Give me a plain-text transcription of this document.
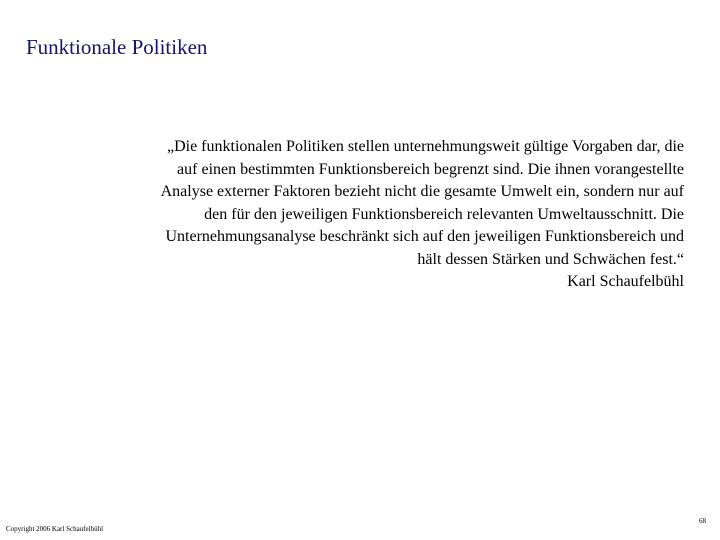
Funktionale Politiken
„Die funktionalen Politiken stellen unternehmungsweit gültige Vorgaben dar, die
auf einen bestimmten Funktionsbereich begrenzt sind. Die ihnen vorangestellte
Analyse externer Faktoren bezieht nicht die gesamte Umwelt ein, sondern nur auf
den für den jeweiligen Funktionsbereich relevanten Umweltausschnitt. Die
Unternehmungsanalyse beschränkt sich auf den jeweiligen Funktionsbereich und
hält dessen Stärken und Schwächen fest.“
Karl Schaufelbühl
Copyright 2006 Karl Schaufelbühl
68
